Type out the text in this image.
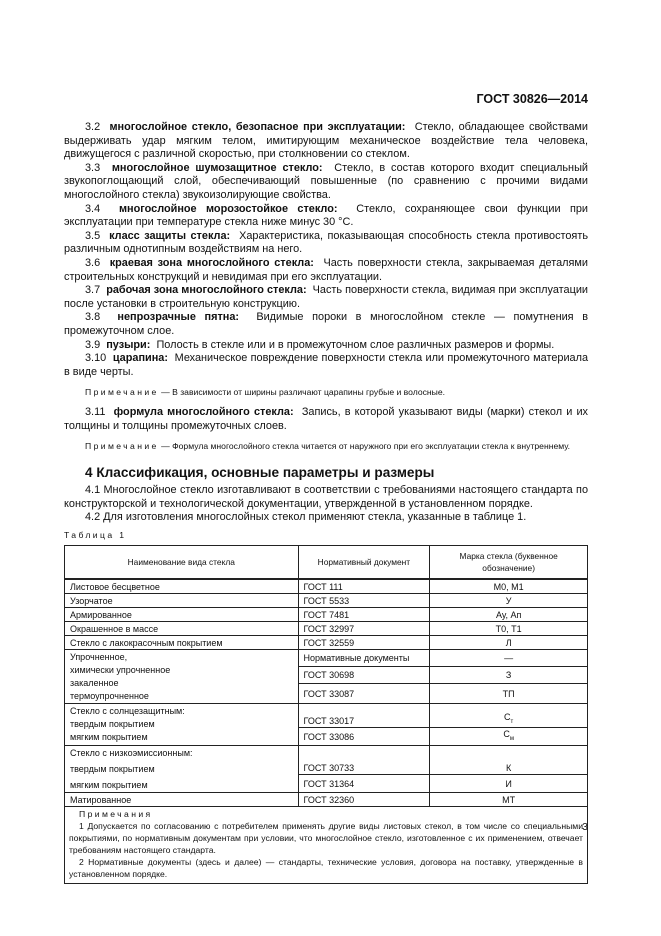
ГОСТ 30826—2014

3.2 многослойное стекло, безопасное при эксплуатации: Стекло, обладающее свойствами выдерживать удар мягким телом, имитирующим механическое воздействие тела человека, движущегося с различной скоростью, при столкновении со стеклом.

3.3 многослойное шумозащитное стекло: Стекло, в состав которого входит специальный звукопоглощающий слой, обеспечивающий повышенные (по сравнению с прочими видами многослойного стекла) звукоизолирующие свойства.

3.4 многослойное морозостойкое стекло: Стекло, сохраняющее свои функции при эксплуатации при температуре стекла ниже минус 30 °С.

3.5 класс защиты стекла: Характеристика, показывающая способность стекла противостоять различным однотипным воздействиям на него.

3.6 краевая зона многослойного стекла: Часть поверхности стекла, закрываемая деталями строительных конструкций и невидимая при его эксплуатации.

3.7 рабочая зона многослойного стекла: Часть поверхности стекла, видимая при эксплуатации после установки в строительную конструкцию.

3.8 непрозрачные пятна: Видимые пороки в многослойном стекле — помутнения в промежуточном слое.

3.9 пузыри: Полость в стекле или и в промежуточном слое различных размеров и формы.

3.10 царапина: Механическое повреждение поверхности стекла или промежуточного материала в виде черты.

Примечание — В зависимости от ширины различают царапины грубые и волосные.

3.11 формула многослойного стекла: Запись, в которой указывают виды (марки) стекол и их толщины и толщины промежуточных слоев.

Примечание — Формула многослойного стекла читается от наружного при его эксплуатации стекла к внутреннему.
4 Классификация, основные параметры и размеры

4.1 Многослойное стекло изготавливают в соответствии с требованиями настоящего стандарта по конструкторской и технологической документации, утвержденной в установленном порядке.

4.2 Для изготовления многослойных стекол применяют стекла, указанные в таблице 1.

Таблица 1
Наименование вида стекла	Нормативный документ	Марка стекла (буквенное обозначение)
Листовое бесцветное	ГОСТ 111	М0, М1
Узорчатое	ГОСТ 5533	У
Армированное	ГОСТ 7481	Ау, Ап
Окрашенное в массе	ГОСТ 32997	Т0, Т1
Стекло с лакокрасочным покрытием	ГОСТ 32559	Л

Упрочненное,
химически упрочненное
закаленное
термоупрочненное	Нормативные документы	—
	ГОСТ 30698	З
	ГОСТ 33087	ТП

Стекло с солнцезащитным:
твердым покрытием
мягким покрытием	ГОСТ 33017	$С_т$
	ГОСТ 33086	$С_м$

Стекло с низкоэмиссионным:
твердым покрытием
мягким покрытием	ГОСТ 30733	К
	ГОСТ 31364	И
Матированное	ГОСТ 32360	МТ

Примечания
1 Допускается по согласованию с потребителем применять другие виды листовых стекол, в том числе со специальными покрытиями, по нормативным документам при условии, что многослойное стекло, изготовленное с их применением, отвечает требованиям настоящего стандарта.
2 Нормативные документы (здесь и далее) — стандарты, технические условия, договора на поставку, утвержденные в установленном порядке.		
3
